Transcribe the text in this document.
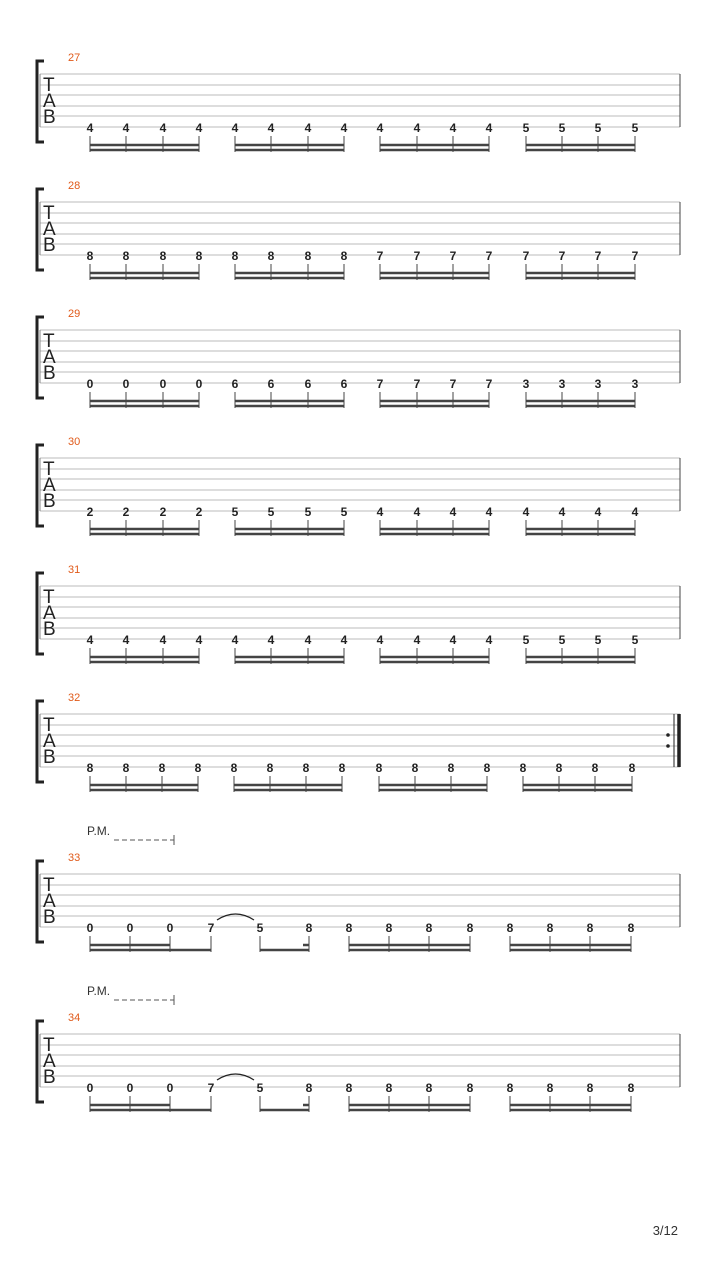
27
T
A
B	4 4	4 4 4 4	4 4 4	4 4 4	5 5 5	5
28
T
A
B	8 8	8 8 8 8	8 8 7	7 7 7	7 7 7	7
29
T
A
B	0 0	0 0 6 6	6 6 7	7 7 7	3 3 3	3
30
T
A
B	2 2	2 2 5 5	5 5 4	4 4 4	4 4 4	4
31
T
A
B	4 4	4 4 4 4	4 4 4	4 4 4	5 5 5	5
32
T
A
B	8 8 8 8 8 8 8 8	8 8 8 8 8 8 8	8
P.M.
33
T
A
B	0	0	0	7	5	8	8	8	8	8	8	8	8	8
P.M.
34
T
A
B	0	0	0	7	5	8	8	8	8	8	8	8	8	8
3/12
